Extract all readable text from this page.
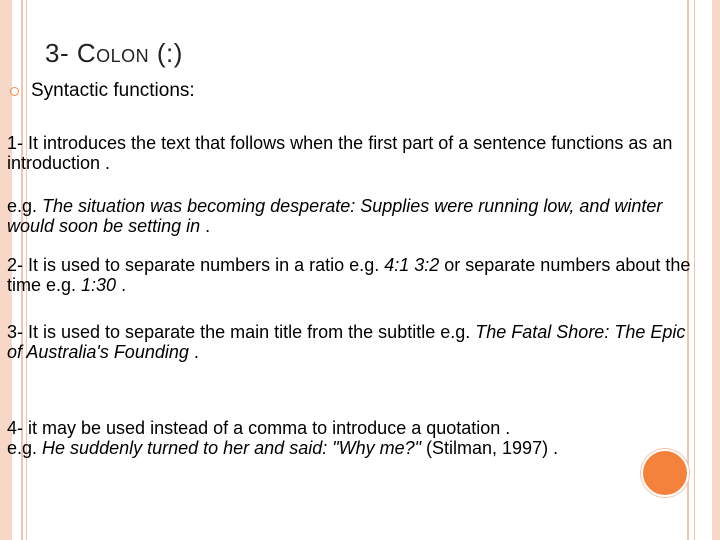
3- Colon (:)
Syntactic functions:
1- It introduces the text that follows when the first part of a sentence functions as an introduction .
e.g. The situation was becoming desperate: Supplies were running low, and winter would soon be setting in .
2- It is used to separate numbers in a ratio e.g. 4:1 3:2 or separate numbers about the time e.g. 1:30 .
3- It is used to separate the main title from the subtitle e.g. The Fatal Shore: The Epic of Australia's Founding .
4- it may be used instead of a comma to introduce a quotation .
e.g. He suddenly turned to her and said: "Why me?" (Stilman, 1997) .
